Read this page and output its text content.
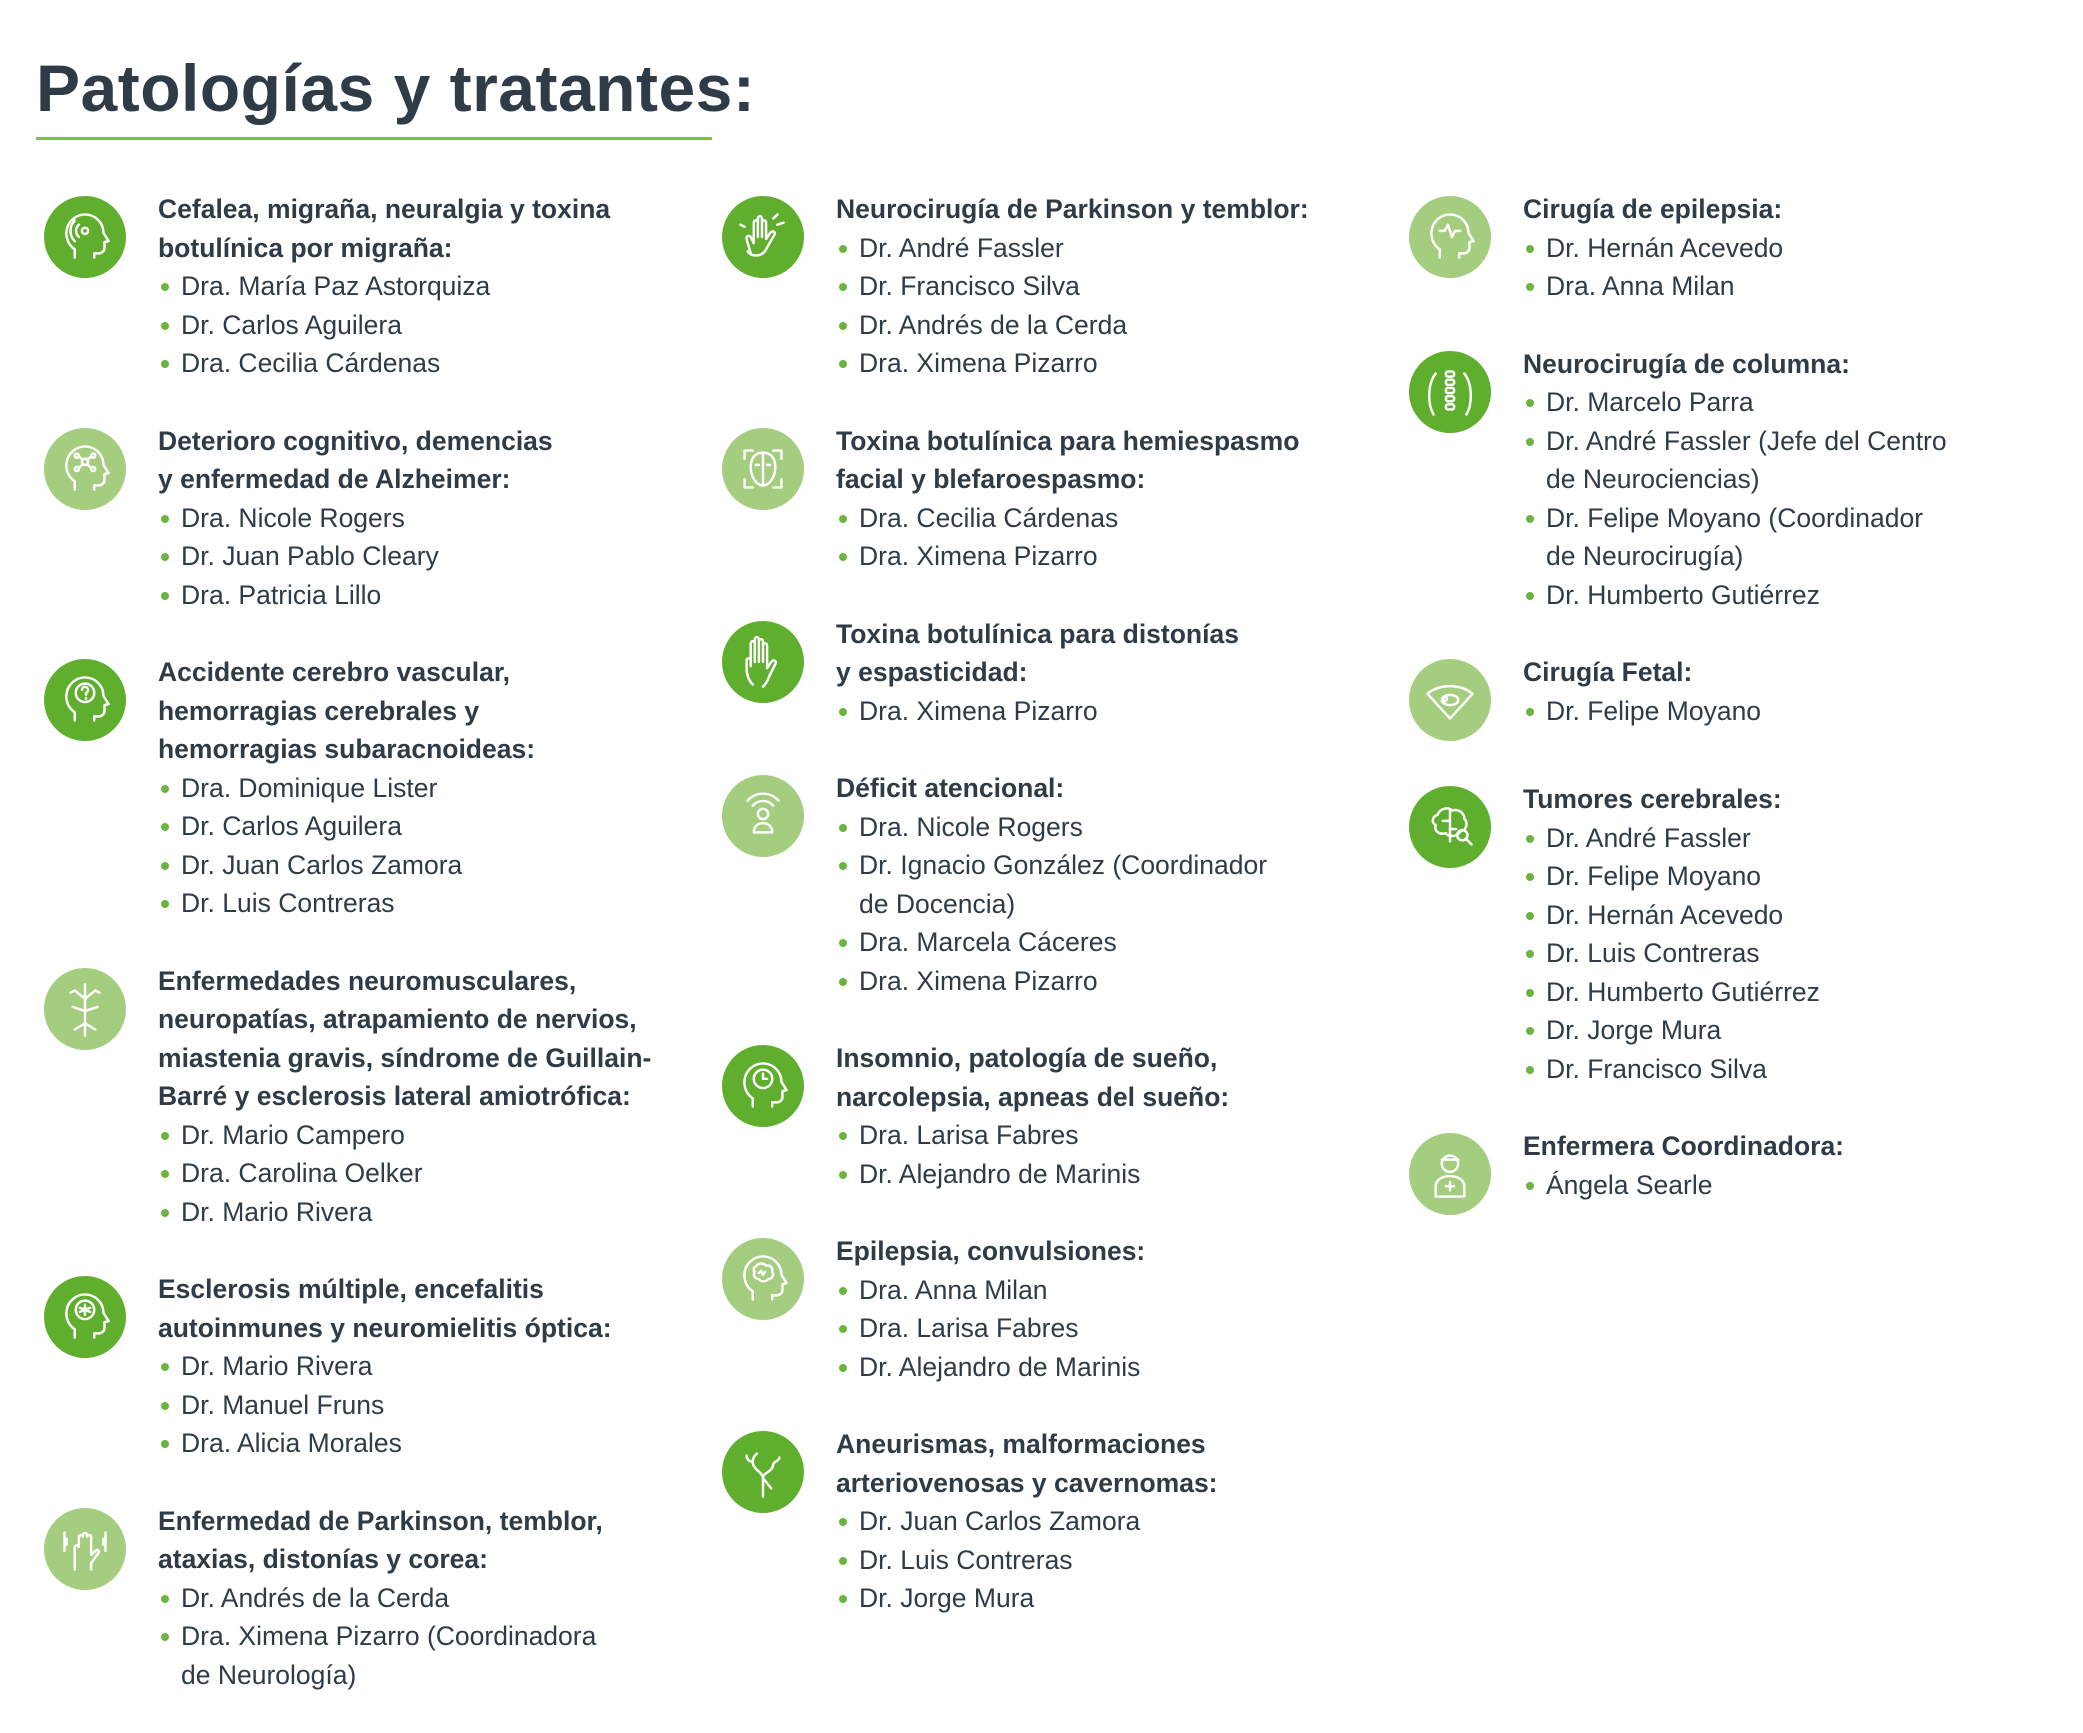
Patologías y tratantes:
Cefalea, migraña, neuralgia y toxina
botulínica por migraña:
Dra. María Paz Astorquiza
Dr. Carlos Aguilera
Dra. Cecilia Cárdenas
Deterioro cognitivo, demencias
y enfermedad de Alzheimer:
Dra. Nicole Rogers
Dr. Juan Pablo Cleary
Dra. Patricia Lillo
Accidente cerebro vascular,
hemorragias cerebrales y
hemorragias subaracnoideas:
Dra. Dominique Lister
Dr. Carlos Aguilera
Dr. Juan Carlos Zamora
Dr. Luis Contreras
Enfermedades neuromusculares,
neuropatías, atrapamiento de nervios,
miastenia gravis, síndrome de Guillain-
Barré y esclerosis lateral amiotrófica:
Dr. Mario Campero
Dra. Carolina Oelker
Dr. Mario Rivera
Esclerosis múltiple, encefalitis
autoinmunes y neuromielitis óptica:
Dr. Mario Rivera
Dr. Manuel Fruns
Dra. Alicia Morales
Enfermedad de Parkinson, temblor,
ataxias, distonías y corea:
Dr. Andrés de la Cerda
Dra. Ximena Pizarro (Coordinadora
de Neurología)
Neurocirugía de Parkinson y temblor:
Dr. André Fassler
Dr. Francisco Silva
Dr. Andrés de la Cerda
Dra. Ximena Pizarro
Toxina botulínica para hemiespasmo
facial y blefaroespasmo:
Dra. Cecilia Cárdenas
Dra. Ximena Pizarro
Toxina botulínica para distonías
y espasticidad:
Dra. Ximena Pizarro
Déficit atencional:
Dra. Nicole Rogers
Dr. Ignacio González (Coordinador
de Docencia)
Dra. Marcela Cáceres
Dra. Ximena Pizarro
Insomnio, patología de sueño,
narcolepsia, apneas del sueño:
Dra. Larisa Fabres
Dr. Alejandro de Marinis
Epilepsia, convulsiones:
Dra. Anna Milan
Dra. Larisa Fabres
Dr. Alejandro de Marinis
Aneurismas, malformaciones
arteriovenosas y cavernomas:
Dr. Juan Carlos Zamora
Dr. Luis Contreras
Dr. Jorge Mura
Cirugía de epilepsia:
Dr. Hernán Acevedo
Dra. Anna Milan
Neurocirugía de columna:
Dr. Marcelo Parra
Dr. André Fassler (Jefe del Centro
de Neurociencias)
Dr. Felipe Moyano (Coordinador
de Neurocirugía)
Dr. Humberto Gutiérrez
Cirugía Fetal:
Dr. Felipe Moyano
Tumores cerebrales:
Dr. André Fassler
Dr. Felipe Moyano
Dr. Hernán Acevedo
Dr. Luis Contreras
Dr. Humberto Gutiérrez
Dr. Jorge Mura
Dr. Francisco Silva
Enfermera Coordinadora:
Ángela Searle
